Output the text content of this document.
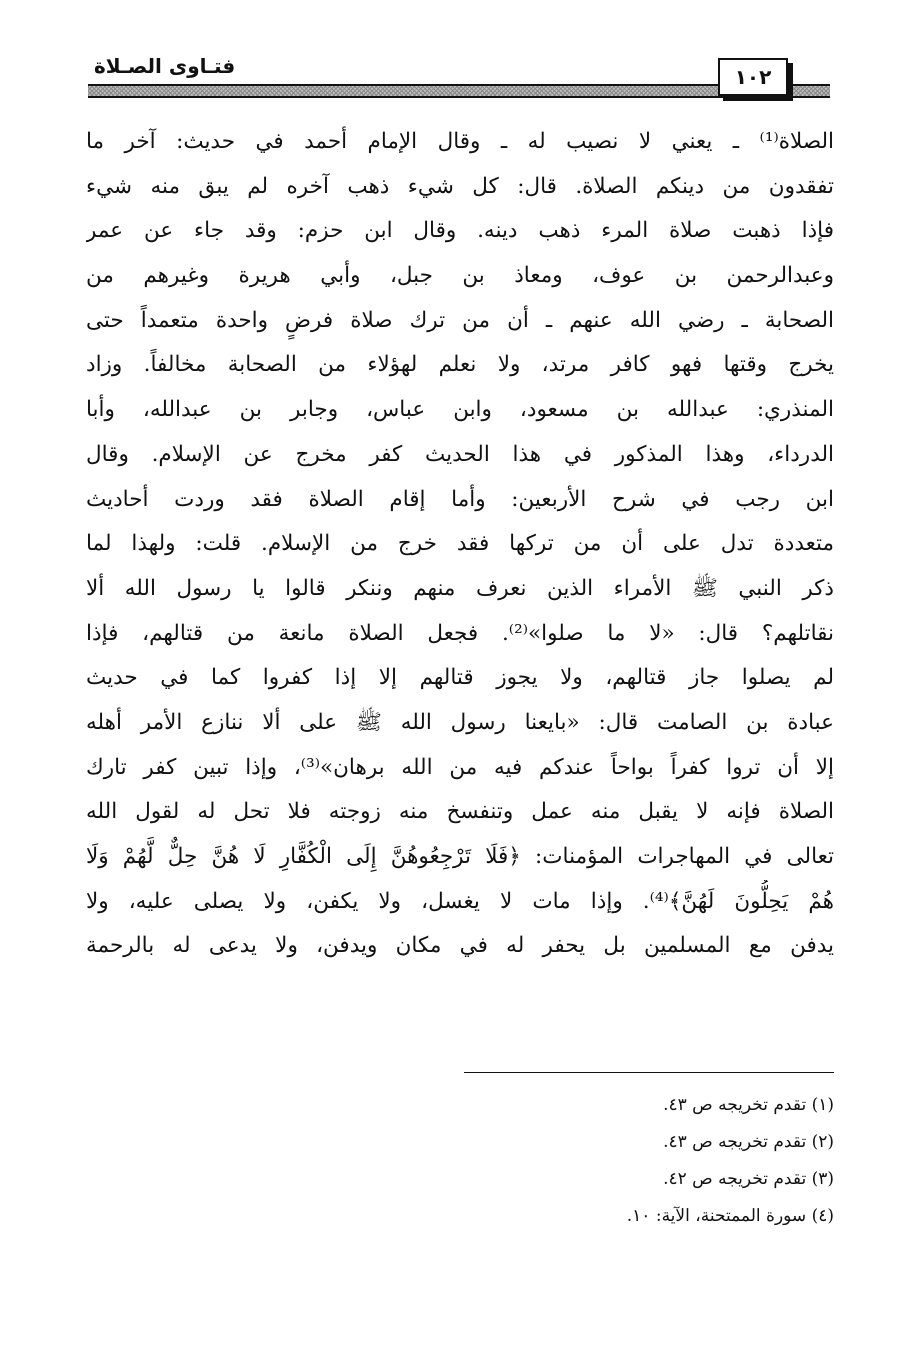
فتـاوى الصـلاة	١٠٢
الصلاة⁽¹⁾ ـ يعني لا نصيب له ـ وقال الإمام أحمد في حديث: آخر ما
تفقدون من دينكم الصلاة. قال: كل شيء ذهب آخره لم يبق منه شيء
فإذا ذهبت صلاة المرء ذهب دينه. وقال ابن حزم: وقد جاء عن عمر
وعبدالرحمن بن عوف، ومعاذ بن جبل، وأبي هريرة وغيرهم من
الصحابة ـ رضي الله عنهم ـ أن من ترك صلاة فرضٍ واحدة متعمداً حتى
يخرج وقتها فهو كافر مرتد، ولا نعلم لهؤلاء من الصحابة مخالفاً. وزاد
المنذري: عبدالله بن مسعود، وابن عباس، وجابر بن عبدالله، وأبا
الدرداء، وهذا المذكور في هذا الحديث كفر مخرج عن الإسلام. وقال
ابن رجب في شرح الأربعين: وأما إقام الصلاة فقد وردت أحاديث
متعددة تدل على أن من تركها فقد خرج من الإسلام. قلت: ولهذا لما
ذكر النبي ﷺ الأمراء الذين نعرف منهم وننكر قالوا يا رسول الله ألا
نقاتلهم؟ قال: «لا ما صلوا»⁽²⁾. فجعل الصلاة مانعة من قتالهم، فإذا
لم يصلوا جاز قتالهم، ولا يجوز قتالهم إلا إذا كفروا كما في حديث
عبادة بن الصامت قال: «بايعنا رسول الله ﷺ على ألا ننازع الأمر أهله
إلا أن تروا كفراً بواحاً عندكم فيه من الله برهان»⁽³⁾، وإذا تبين كفر تارك
الصلاة فإنه لا يقبل منه عمل وتنفسخ منه زوجته فلا تحل له لقول الله
تعالى في المهاجرات المؤمنات: ﴿فَلَا تَرْجِعُوهُنَّ إِلَى الْكُفَّارِ لَا هُنَّ حِلٌّ لَّهُمْ وَلَا
هُمْ يَحِلُّونَ لَهُنَّ﴾⁽⁴⁾. وإذا مات لا يغسل، ولا يكفن، ولا يصلى عليه، ولا
يدفن مع المسلمين بل يحفر له في مكان ويدفن، ولا يدعى له بالرحمة
(١) تقدم تخريجه ص ٤٣.
(٢) تقدم تخريجه ص ٤٣.
(٣) تقدم تخريجه ص ٤٢.
(٤) سورة الممتحنة، الآية: ١٠.
